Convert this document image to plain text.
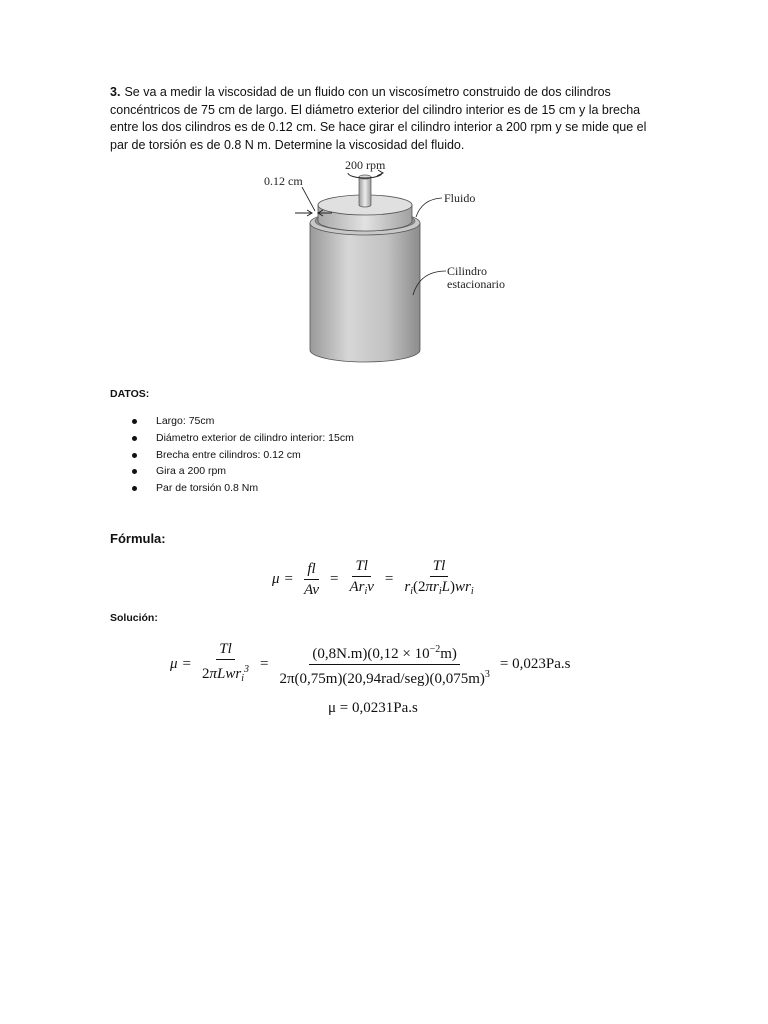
3. Se va a medir la viscosidad de un fluido con un viscosímetro construido de dos cilindros concéntricos de 75 cm de largo. El diámetro exterior del cilindro interior es de 15 cm y la brecha entre los dos cilindros es de 0.12 cm. Se hace girar el cilindro interior a 200 rpm y se mide que el par de torsión es de 0.8 N m. Determine la viscosidad del fluido.
200 rpm
0.12 cm
Fluido
Cilindro
estacionario
DATOS:
Largo: 75cm
Diámetro exterior de cilindro interior: 15cm
Brecha entre cilindros: 0.12 cm
Gira a 200 rpm
Par de torsión 0.8 Nm
Fórmula:
$\mu = \frac{fl}{Av} = \frac{Tl}{Ar_iv} = \frac{Tl}{r_i(2\pi r_iL)wr_i}$
Solución:
$\mu = \frac{Tl}{2\pi Lwr_i^3} = \frac{(0,8N.m)(0,12 \times 10^{-2}m)}{2\pi(0,75m)(20,94rad/seg)(0,075m)^3} = 0,023Pa.s$
μ = 0,0231Pa.s
